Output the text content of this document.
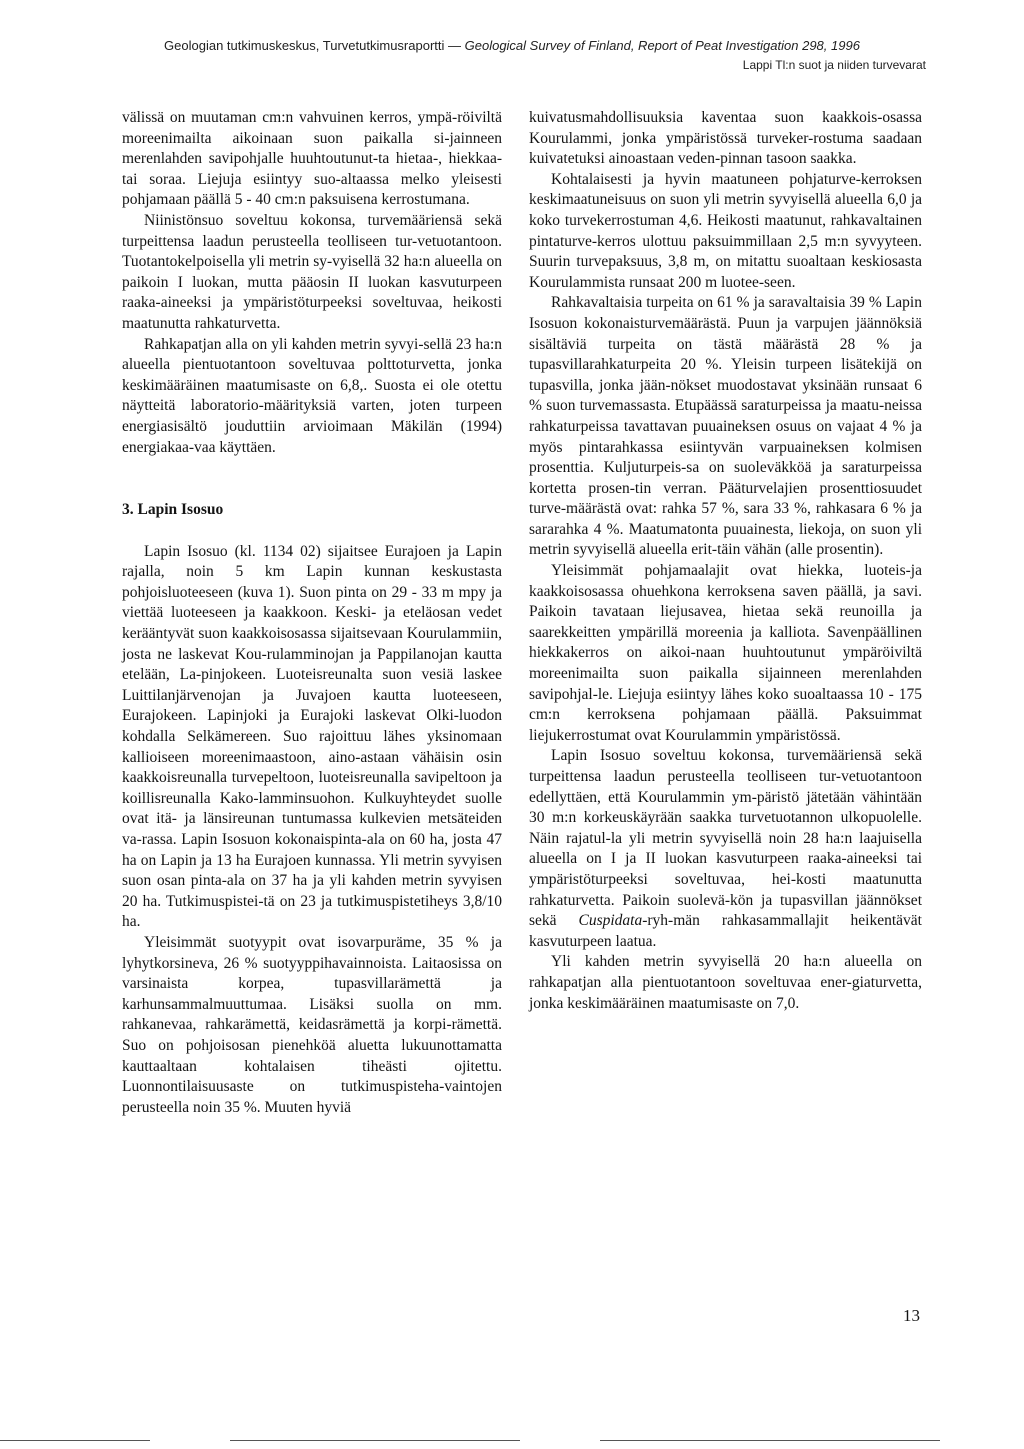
Geologian tutkimuskeskus, Turvetutkimusraportti — Geological Survey of Finland, Report of Peat Investigation 298, 1996
Lappi Tl:n suot ja niiden turvevarat

välissä on muutaman cm:n vahvuinen kerros, ympä-röiviltä moreenimailta aikoinaan suon paikalla si-jainneen merenlahden savipohjalle huuhtoutunut-ta hietaa-, hiekkaa- tai soraa. Liejuja esiintyy suo-altaassa melko yleisesti pohjamaan päällä 5 - 40 cm:n paksuisena kerrostumana.

Niinistönsuo soveltuu kokonsa, turvemääriensä sekä turpeittensa laadun perusteella teolliseen tur-vetuotantoon. Tuotantokelpoisella yli metrin sy-vyisellä 32 ha:n alueella on paikoin I luokan, mutta pääosin II luokan kasvuturpeen raaka-aineeksi ja ympäristöturpeeksi soveltuvaa, heikosti maatunutta rahkaturvetta.

Rahkapatjan alla on yli kahden metrin syvyi-sellä 23 ha:n alueella pientuotantoon soveltuvaa polttoturvetta, jonka keskimääräinen maatumisaste on 6,8,. Suosta ei ole otettu näytteitä laboratorio-määrityksiä varten, joten turpeen energiasisältö jouduttiin arvioimaan Mäkilän (1994) energiakaa-vaa käyttäen.

3. Lapin Isosuo

Lapin Isosuo (kl. 1134 02) sijaitsee Eurajoen ja Lapin rajalla, noin 5 km Lapin kunnan keskustasta pohjoisluoteeseen (kuva 1). Suon pinta on 29 - 33 m mpy ja viettää luoteeseen ja kaakkoon. Keski- ja eteläosan vedet kerääntyvät suon kaakkoisosassa sijaitsevaan Kourulammiin, josta ne laskevat Kou-rulamminojan ja Pappilanojan kautta etelään, La-pinjokeen. Luoteisreunalta suon vesiä laskee Luittilanjärvenojan ja Juvajoen kautta luoteeseen, Eurajokeen. Lapinjoki ja Eurajoki laskevat Olki-luodon kohdalla Selkämereen. Suo rajoittuu lähes yksinomaan kallioiseen moreenimaastoon, aino-astaan vähäisin osin kaakkoisreunalla turvepeltoon, luoteisreunalla savipeltoon ja koillisreunalla Kako-lamminsuohon. Kulkuyhteydet suolle ovat itä- ja länsireunan tuntumassa kulkevien metsäteiden va-rassa. Lapin Isosuon kokonaispinta-ala on 60 ha, josta 47 ha on Lapin ja 13 ha Eurajoen kunnassa. Yli metrin syvyisen suon osan pinta-ala on 37 ha ja yli kahden metrin syvyisen 20 ha. Tutkimuspistei-tä on 23 ja tutkimuspistetiheys 3,8/10 ha.

Yleisimmät suotyypit ovat isovarpuräme, 35 % ja lyhytkorsineva, 26 % suotyyppihavainnoista. Laitaosissa on varsinaista korpea, tupasvillarämettä ja karhunsammalmuuttumaa. Lisäksi suolla on mm. rahkanevaa, rahkarämettä, keidasrämettä ja korpi-rämettä. Suo on pohjoisosan pienehköä aluetta lukuunottamatta kauttaaltaan kohtalaisen tiheästi ojitettu. Luonnontilaisuusaste on tutkimuspisteha-vaintojen perusteella noin 35 %. Muuten hyviä

kuivatusmahdollisuuksia kaventaa suon kaakkois-osassa Kourulammi, jonka ympäristössä turveker-rostuma saadaan kuivatetuksi ainoastaan veden-pinnan tasoon saakka.

Kohtalaisesti ja hyvin maatuneen pohjaturve-kerroksen keskimaatuneisuus on suon yli metrin syvyisellä alueella 6,0 ja koko turvekerrostuman 4,6. Heikosti maatunut, rahkavaltainen pintaturve-kerros ulottuu paksuimmillaan 2,5 m:n syvyyteen. Suurin turvepaksuus, 3,8 m, on mitattu suoaltaan keskiosasta Kourulammista runsaat 200 m luotee-seen.

Rahkavaltaisia turpeita on 61 % ja saravaltaisia 39 % Lapin Isosuon kokonaisturvemäärästä. Puun ja varpujen jäännöksiä sisältäviä turpeita on tästä määrästä 28 % ja tupasvillarahkaturpeita 20 %. Yleisin turpeen lisätekijä on tupasvilla, jonka jään-nökset muodostavat yksinään runsaat 6 % suon turvemassasta. Etupäässä saraturpeissa ja maatu-neissa rahkaturpeissa tavattavan puuaineksen osuus on vajaat 4 % ja myös pintarahkassa esiintyvän varpuaineksen kolmisen prosenttia. Kuljuturpeis-sa on suoleväkköä ja saraturpeissa kortetta prosen-tin verran. Pääturvelajien prosenttiosuudet turve-määrästä ovat: rahka 57 %, sara 33 %, rahkasara 6 % ja sararahka 4 %. Maatumatonta puuainesta, liekoja, on suon yli metrin syvyisellä alueella erit-täin vähän (alle prosentin).

Yleisimmät pohjamaalajit ovat hiekka, luoteis-ja kaakkoisosassa ohuehkona kerroksena saven päällä, ja savi. Paikoin tavataan liejusavea, hietaa sekä reunoilla ja saarekkeitten ympärillä moreenia ja kalliota. Savenpäällinen hiekkakerros on aikoi-naan huuhtoutunut ympäröiviltä moreenimailta suon paikalla sijainneen merenlahden savipohjal-le. Liejuja esiintyy lähes koko suoaltaassa 10 - 175 cm:n kerroksena pohjamaan päällä. Paksuimmat liejukerrostumat ovat Kourulammin ympäristössä.

Lapin Isosuo soveltuu kokonsa, turvemääriensä sekä turpeittensa laadun perusteella teolliseen tur-vetuotantoon edellyttäen, että Kourulammin ym-päristö jätetään vähintään 30 m:n korkeuskäyrään saakka turvetuotannon ulkopuolelle. Näin rajatul-la yli metrin syvyisellä noin 28 ha:n laajuisella alueella on I ja II luokan kasvuturpeen raaka-aineeksi tai ympäristöturpeeksi soveltuvaa, hei-kosti maatunutta rahkaturvetta. Paikoin suolevä-kön ja tupasvillan jäännökset sekä Cuspidata-ryh-män rahkasammallajit heikentävät kasvuturpeen laatua.

Yli kahden metrin syvyisellä 20 ha:n alueella on rahkapatjan alla pientuotantoon soveltuvaa ener-giaturvetta, jonka keskimääräinen maatumisaste on 7,0.

13
